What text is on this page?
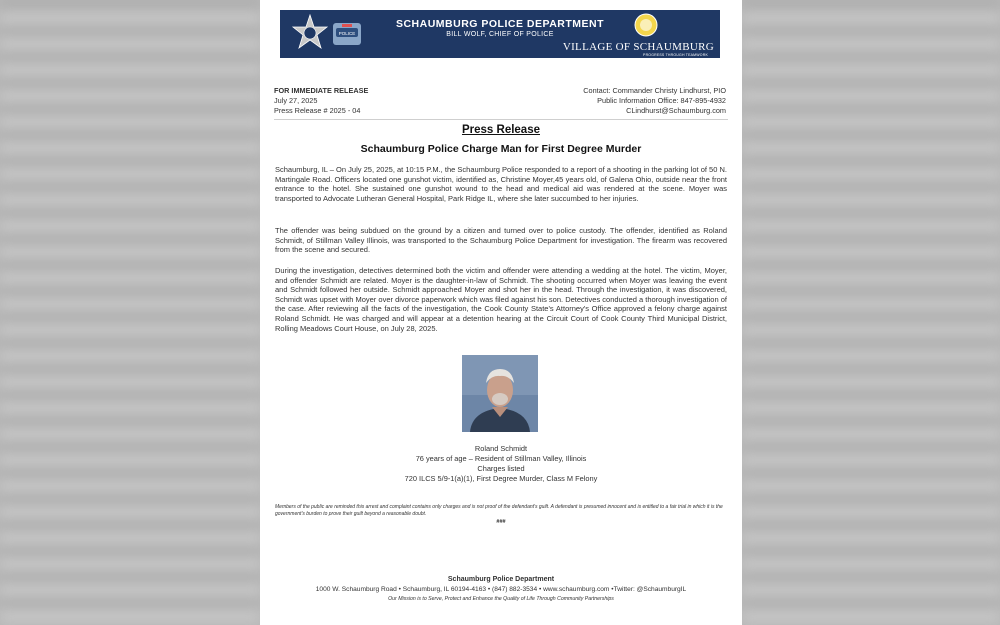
POLICE
SCHAUMBURG POLICE DEPARTMENT
BILL WOLF, CHIEF OF POLICE
VILLAGE OF SCHAUMBURG
PROGRESS THROUGH TEAMWORK
FOR IMMEDIATE RELEASE
July 27, 2025
Press Release # 2025 - 04
Contact: Commander Christy Lindhurst, PIO
Public Information Office: 847-895-4932
CLindhurst@Schaumburg.com
Press Release
Schaumburg Police Charge Man for First Degree Murder

Schaumburg, IL – On July 25, 2025, at 10:15 P.M., the Schaumburg Police responded to a report of a shooting in the parking lot of 50 N. Martingale Road. Officers located one gunshot victim, identified as, Christine Moyer,45 years old, of Galena Ohio, outside near the front entrance to the hotel. She sustained one gunshot wound to the head and medical aid was rendered at the scene. Moyer was transported to Advocate Lutheran General Hospital, Park Ridge IL, where she later succumbed to her injuries.

The offender was being subdued on the ground by a citizen and turned over to police custody. The offender, identified as Roland Schmidt, of Stillman Valley Illinois, was transported to the Schaumburg Police Department for investigation. The firearm was recovered from the scene and secured.

During the investigation, detectives determined both the victim and offender were attending a wedding at the hotel. The victim, Moyer, and offender Schmidt are related. Moyer is the daughter-in-law of Schmidt. The shooting occurred when Moyer was leaving the event and Schmidt followed her outside. Schmidt approached Moyer and shot her in the head. Through the investigation, it was discovered, Schmidt was upset with Moyer over divorce paperwork which was filed against his son. Detectives conducted a thorough investigation of the case. After reviewing all the facts of the investigation, the Cook County State's Attorney's Office approved a felony charge against Roland Schmidt. He was charged and will appear at a detention hearing at the Circuit Court of Cook County Third Municipal District, Rolling Meadows Court House, on July 28, 2025.

Roland Schmidt
76 years of age – Resident of Stillman Valley, Illinois
Charges listed
720 ILCS 5/9-1(a)(1), First Degree Murder, Class M Felony

Members of the public are reminded this arrest and complaint contains only charges and is not proof of the defendant's guilt. A defendant is presumed innocent and is entitled to a fair trial in which it is the government's burden to prove their guilt beyond a reasonable doubt.

###
Schaumburg Police Department
1000 W. Schaumburg Road • Schaumburg, IL 60194-4163 • (847) 882-3534 • www.schaumburg.com •Twitter: @SchaumburgIL
Our Mission is to Serve, Protect and Enhance the Quality of Life Through Community Partnerships
